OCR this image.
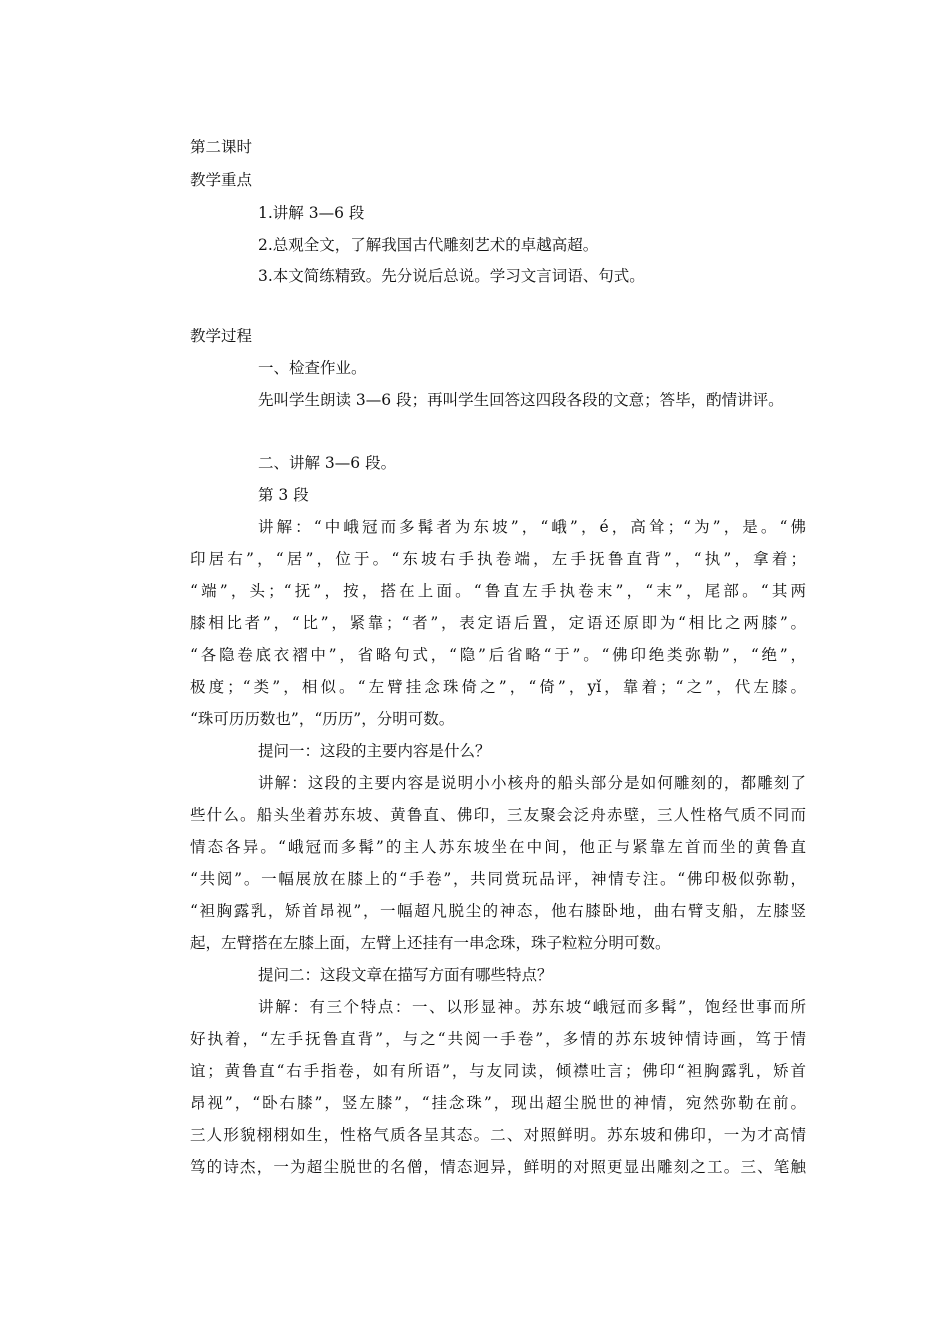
第二课时
教学重点
1.讲解 3—6 段
2.总观全文，了解我国古代雕刻艺术的卓越高超。
3.本文简练精致。先分说后总说。学习文言词语、句式。
教学过程
一、检查作业。
先叫学生朗读 3—6 段；再叫学生回答这四段各段的文意；答毕，酌情讲评。
二、讲解 3—6 段。
第 3 段
讲解：“中峨冠而多髯者为东坡”，“峨”，é，高耸；“为”，是。“佛
印居右”，“居”，位于。“东坡右手执卷端，左手抚鲁直背”，“执”，拿着；
“端”，头；“抚”，按，搭在上面。“鲁直左手执卷末”，“末”，尾部。“其两
膝相比者”，“比”，紧靠；“者”，表定语后置，定语还原即为“相比之两膝”。
“各隐卷底衣褶中”，省略句式，“隐”后省略“于”。“佛印绝类弥勒”，“绝”，
极度；“类”，相似。“左臂挂念珠倚之”，“倚”，yǐ，靠着；“之”，代左膝。
“珠可历历数也”，“历历”，分明可数。
提问一：这段的主要内容是什么？
讲解：这段的主要内容是说明小小核舟的船头部分是如何雕刻的，都雕刻了
些什么。船头坐着苏东坡、黄鲁直、佛印，三友聚会泛舟赤壁，三人性格气质不同而
情态各异。“峨冠而多髯”的主人苏东坡坐在中间，他正与紧靠左首而坐的黄鲁直
“共阅”。一幅展放在膝上的“手卷”，共同赏玩品评，神情专注。“佛印极似弥勒，
“袒胸露乳，矫首昂视”，一幅超凡脱尘的神态，他右膝卧地，曲右臂支船，左膝竖
起，左臂搭在左膝上面，左臂上还挂有一串念珠，珠子粒粒分明可数。
提问二：这段文章在描写方面有哪些特点？
讲解：有三个特点：一、以形显神。苏东坡“峨冠而多髯”，饱经世事而所
好执着，“左手抚鲁直背”，与之“共阅一手卷”，多情的苏东坡钟情诗画，笃于情
谊；黄鲁直“右手指卷，如有所语”，与友同读，倾襟吐言；佛印“袒胸露乳，矫首
昂视”，“卧右膝”，竖左膝”，“挂念珠”，现出超尘脱世的神情，宛然弥勒在前。
三人形貌栩栩如生，性格气质各呈其态。二、对照鲜明。苏东坡和佛印，一为才高情
笃的诗杰，一为超尘脱世的名僧，情态迥异，鲜明的对照更显出雕刻之工。三、笔触
